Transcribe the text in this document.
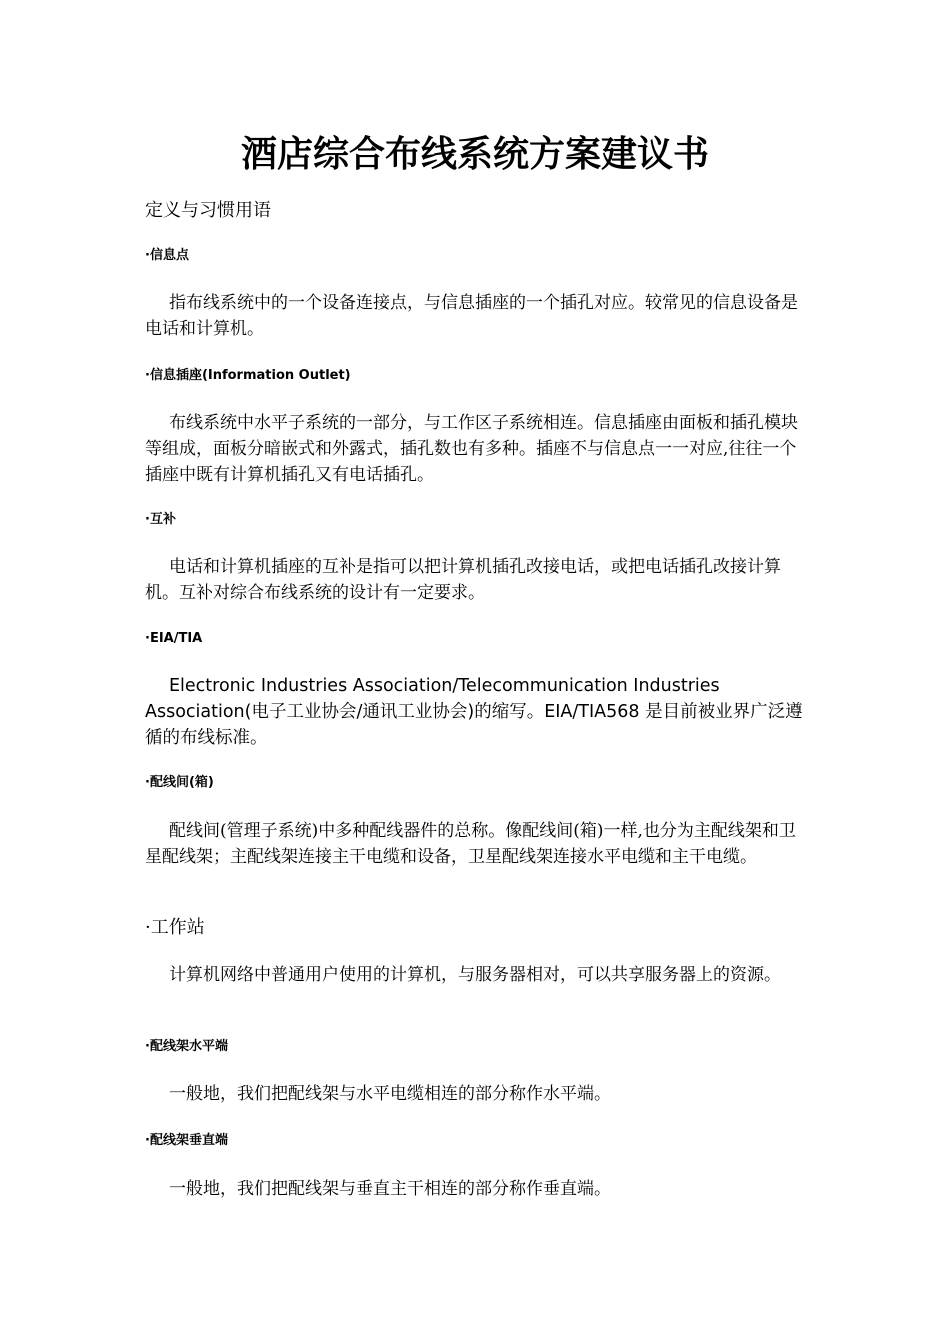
酒店综合布线系统方案建议书

定义与习惯用语

·信息点

指布线系统中的一个设备连接点，与信息插座的一个插孔对应。较常见的信息设备是电话和计算机。

·信息插座(Information Outlet)

布线系统中水平子系统的一部分，与工作区子系统相连。信息插座由面板和插孔模块等组成，面板分暗嵌式和外露式，插孔数也有多种。插座不与信息点一一对应,往往一个插座中既有计算机插孔又有电话插孔。

·互补

电话和计算机插座的互补是指可以把计算机插孔改接电话，或把电话插孔改接计算机。互补对综合布线系统的设计有一定要求。

·EIA/TIA

Electronic Industries Association/Telecommunication Industries Association(电子工业协会/通讯工业协会)的缩写。EIA/TIA568 是目前被业界广泛遵循的布线标准。

·配线间(箱)

配线间(管理子系统)中多种配线器件的总称。像配线间(箱)一样,也分为主配线架和卫星配线架；主配线架连接主干电缆和设备，卫星配线架连接水平电缆和主干电缆。

·工作站

计算机网络中普通用户使用的计算机，与服务器相对，可以共享服务器上的资源。

·配线架水平端

一般地，我们把配线架与水平电缆相连的部分称作水平端。

·配线架垂直端

一般地，我们把配线架与垂直主干相连的部分称作垂直端。
